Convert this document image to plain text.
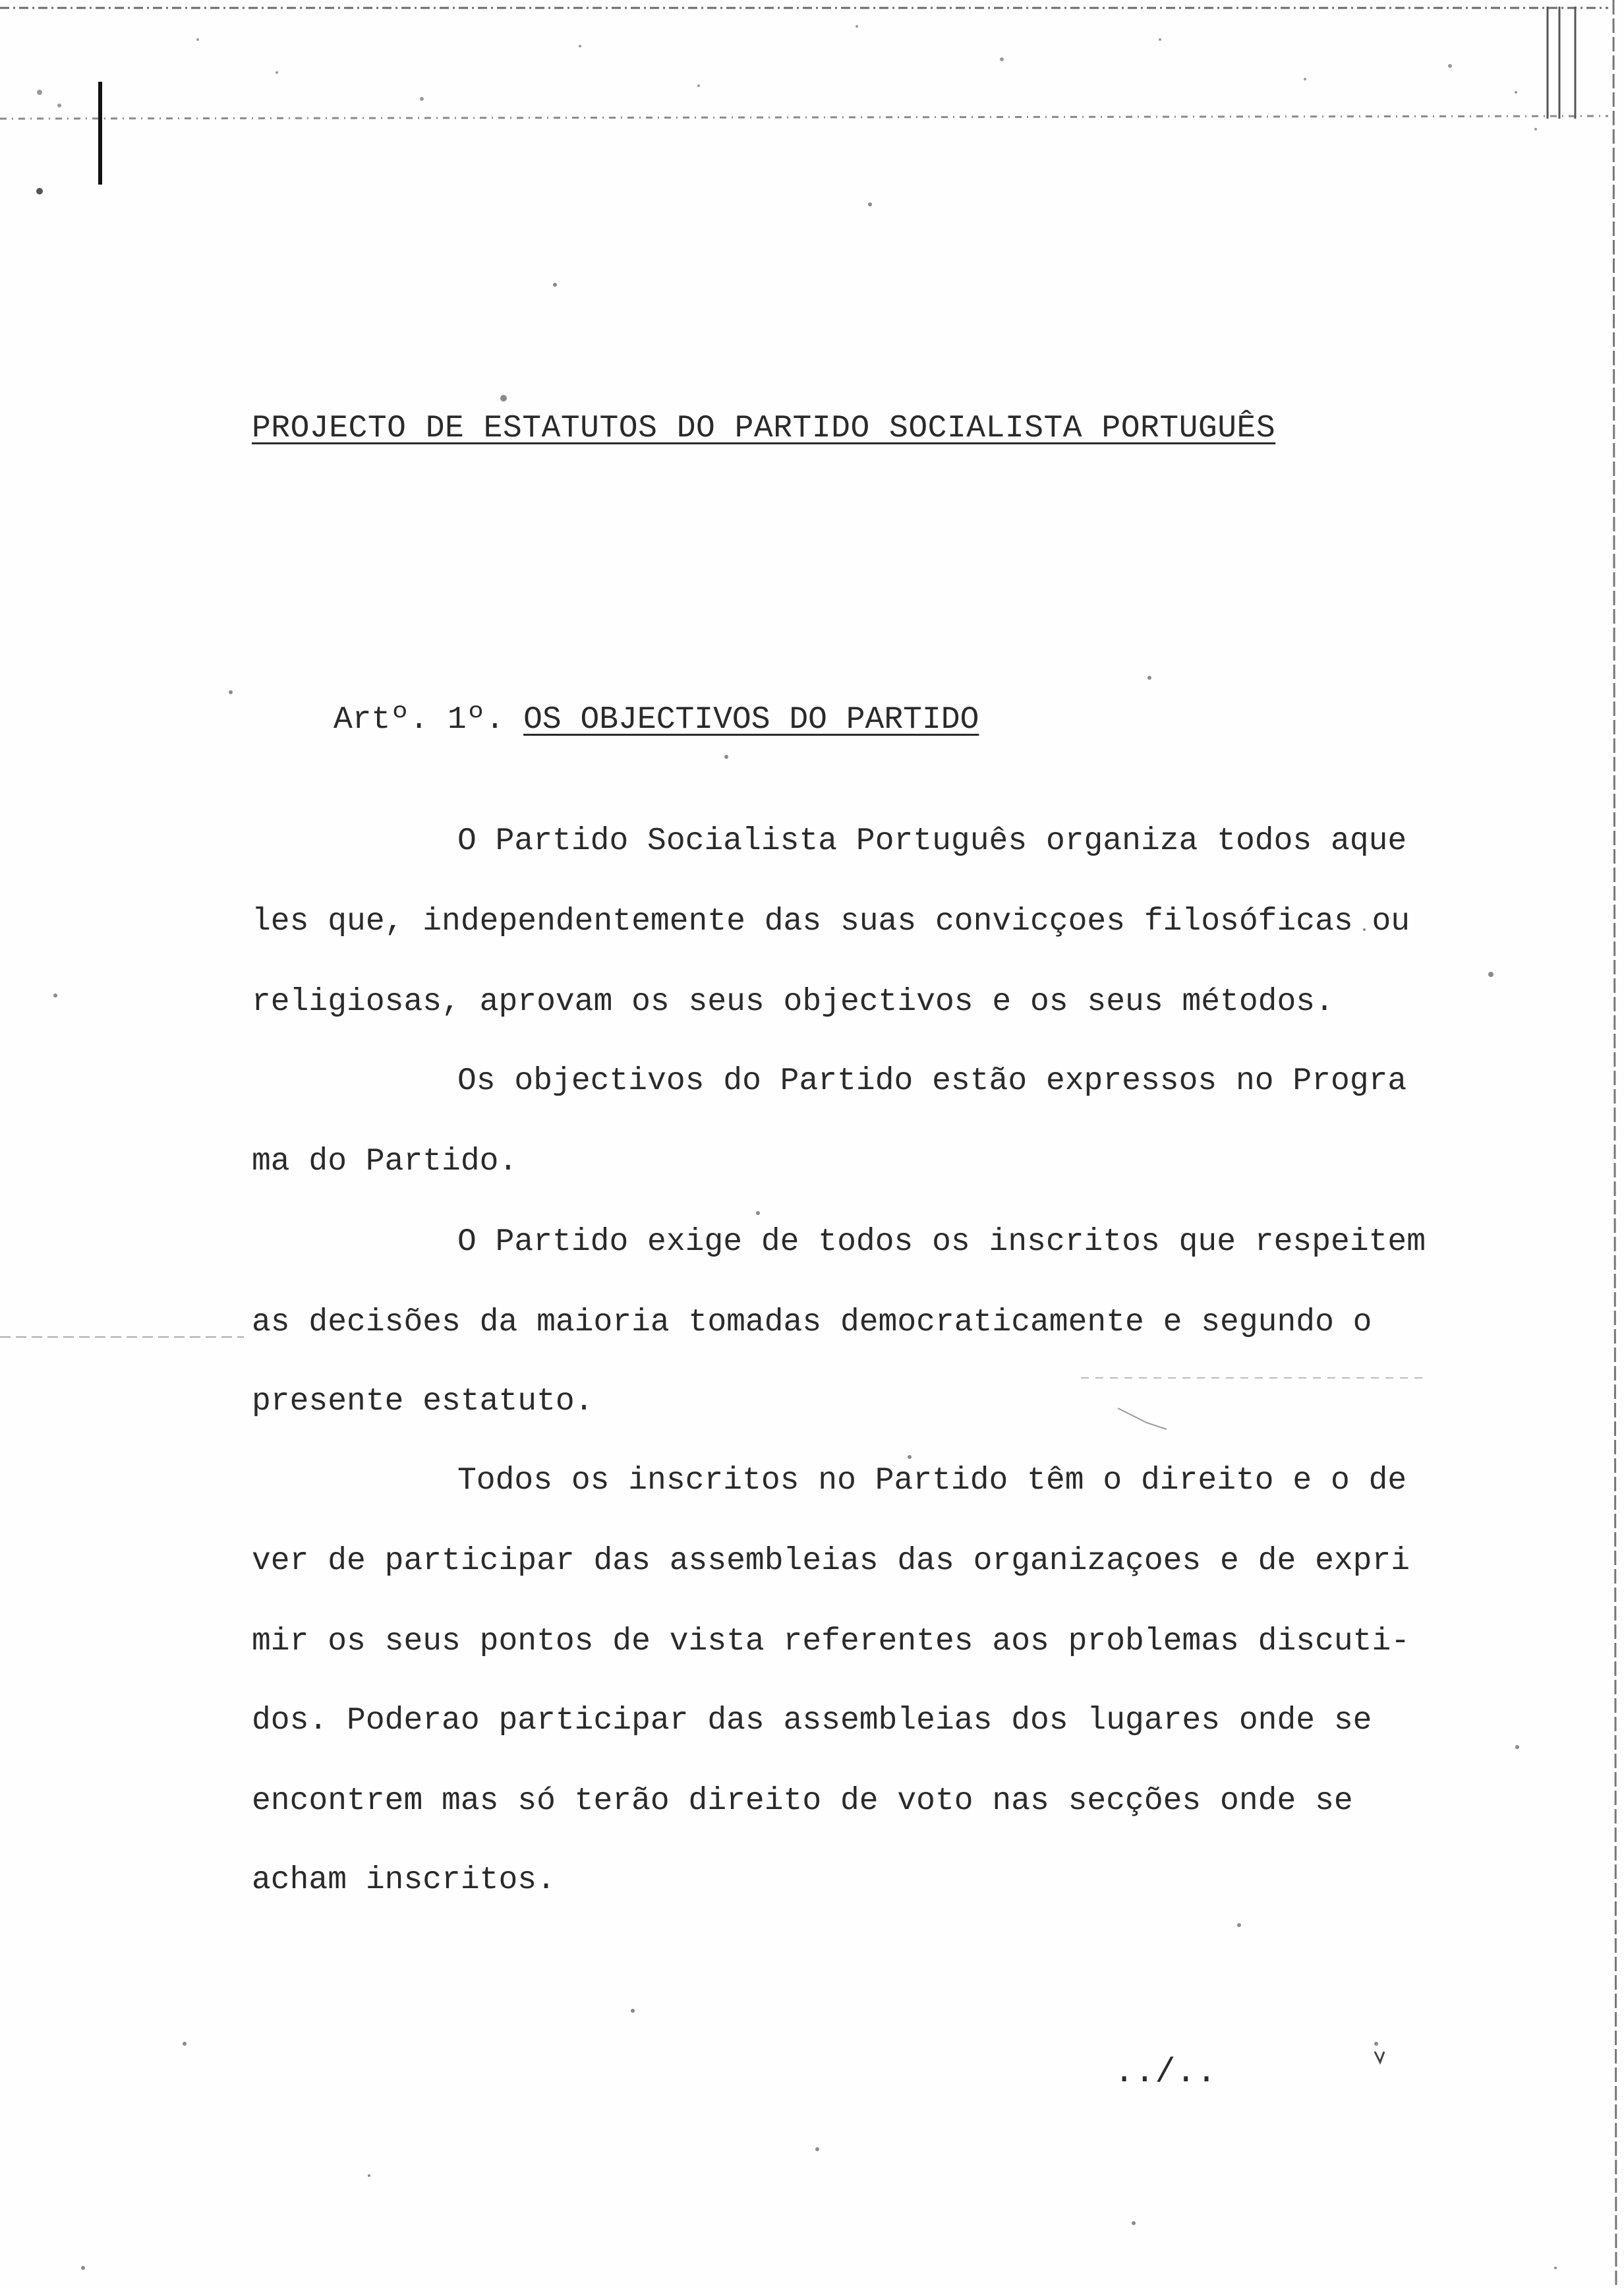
PROJECTO DE ESTATUTOS DO PARTIDO SOCIALISTA PORTUGUÊS
Artº. 1º. OS OBJECTIVOS DO PARTIDO
O Partido Socialista Português organiza todos aque
les que, independentemente das suas convicçoes filosóficas ou
religiosas, aprovam os seus objectivos e os seus métodos.
Os objectivos do Partido estão expressos no Progra
ma do Partido.
O Partido exige de todos os inscritos que respeitem
as decisões da maioria tomadas democraticamente e segundo o
presente estatuto.
Todos os inscritos no Partido têm o direito e o de
ver de participar das assembleias das organizaçoes e de expri
mir os seus pontos de vista referentes aos problemas discuti-
dos. Poderao participar das assembleias dos lugares onde se
encontrem mas só terão direito de voto nas secções onde se
acham inscritos.
../..
